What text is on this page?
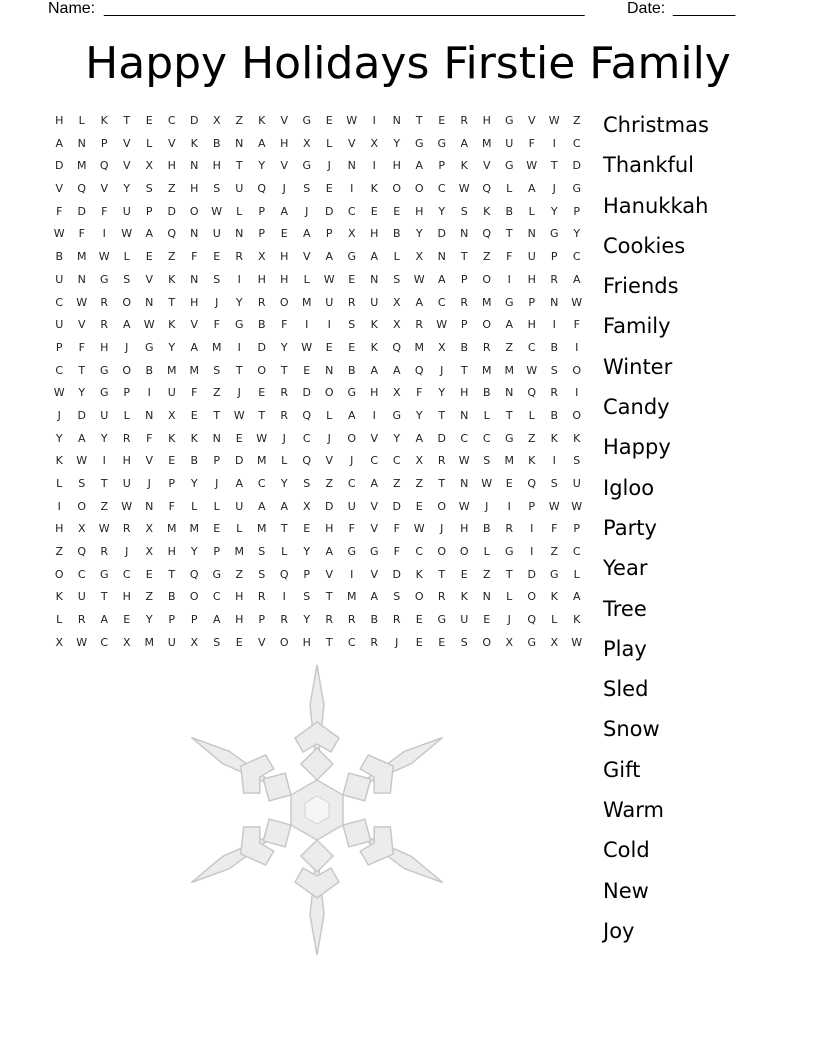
Name: ______________________________________________________	Date: _______
Happy Holidays Firstie Family
H	L	K	T	E	C	D	X	Z	K	V	G	E	W	I	N	T	E	R	H	G	V	W	Z
A	N	P	V	L	V	K	B	N	A	H	X	L	V	X	Y	G	G	A	M	U	F	I	C
D	M	Q	V	X	H	N	H	T	Y	V	G	J	N	I	H	A	P	K	V	G	W	T	D
V	Q	V	Y	S	Z	H	S	U	Q	J	S	E	I	K	O	O	C	W	Q	L	A	J	G
F	D	F	U	P	D	O	W	L	P	A	J	D	C	E	E	H	Y	S	K	B	L	Y	P
W	F	I	W	A	Q	N	U	N	P	E	A	P	X	H	B	Y	D	N	Q	T	N	G	Y
B	M	W	L	E	Z	F	E	R	X	H	V	A	G	A	L	X	N	T	Z	F	U	P	C
U	N	G	S	V	K	N	S	I	H	H	L	W	E	N	S	W	A	P	O	I	H	R	A
C	W	R	O	N	T	H	J	Y	R	O	M	U	R	U	X	A	C	R	M	G	P	N	W
U	V	R	A	W	K	V	F	G	B	F	I	I	S	K	X	R	W	P	O	A	H	I	F
P	F	H	J	G	Y	A	M	I	D	Y	W	E	E	K	Q	M	X	B	R	Z	C	B	I
C	T	G	O	B	M	M	S	T	O	T	E	N	B	A	A	Q	J	T	M	M	W	S	O
W	Y	G	P	I	U	F	Z	J	E	R	D	O	G	H	X	F	Y	H	B	N	Q	R	I
J	D	U	L	N	X	E	T	W	T	R	Q	L	A	I	G	Y	T	N	L	T	L	B	O
Y	A	Y	R	F	K	K	N	E	W	J	C	J	O	V	Y	A	D	C	C	G	Z	K	K
K	W	I	H	V	E	B	P	D	M	L	Q	V	J	C	C	X	R	W	S	M	K	I	S
L	S	T	U	J	P	Y	J	A	C	Y	S	Z	C	A	Z	Z	T	N	W	E	Q	S	U
I	O	Z	W	N	F	L	L	U	A	A	X	D	U	V	D	E	O	W	J	I	P	W	W
H	X	W	R	X	M	M	E	L	M	T	E	H	F	V	F	W	J	H	B	R	I	F	P
Z	Q	R	J	X	H	Y	P	M	S	L	Y	A	G	G	F	C	O	O	L	G	I	Z	C
O	C	G	C	E	T	Q	G	Z	S	Q	P	V	I	V	D	K	T	E	Z	T	D	G	L
K	U	T	H	Z	B	O	C	H	R	I	S	T	M	A	S	O	R	K	N	L	O	K	A
L	R	A	E	Y	P	P	A	H	P	R	Y	R	R	B	R	E	G	U	E	J	Q	L	K
X	W	C	X	M	U	X	S	E	V	O	H	T	C	R	J	E	E	S	O	X	G	X	W
Christmas
Thankful
Hanukkah
Cookies
Friends
Family
Winter
Candy
Happy
Igloo
Party
Year
Tree
Play
Sled
Snow
Gift
Warm
Cold
New
Joy
